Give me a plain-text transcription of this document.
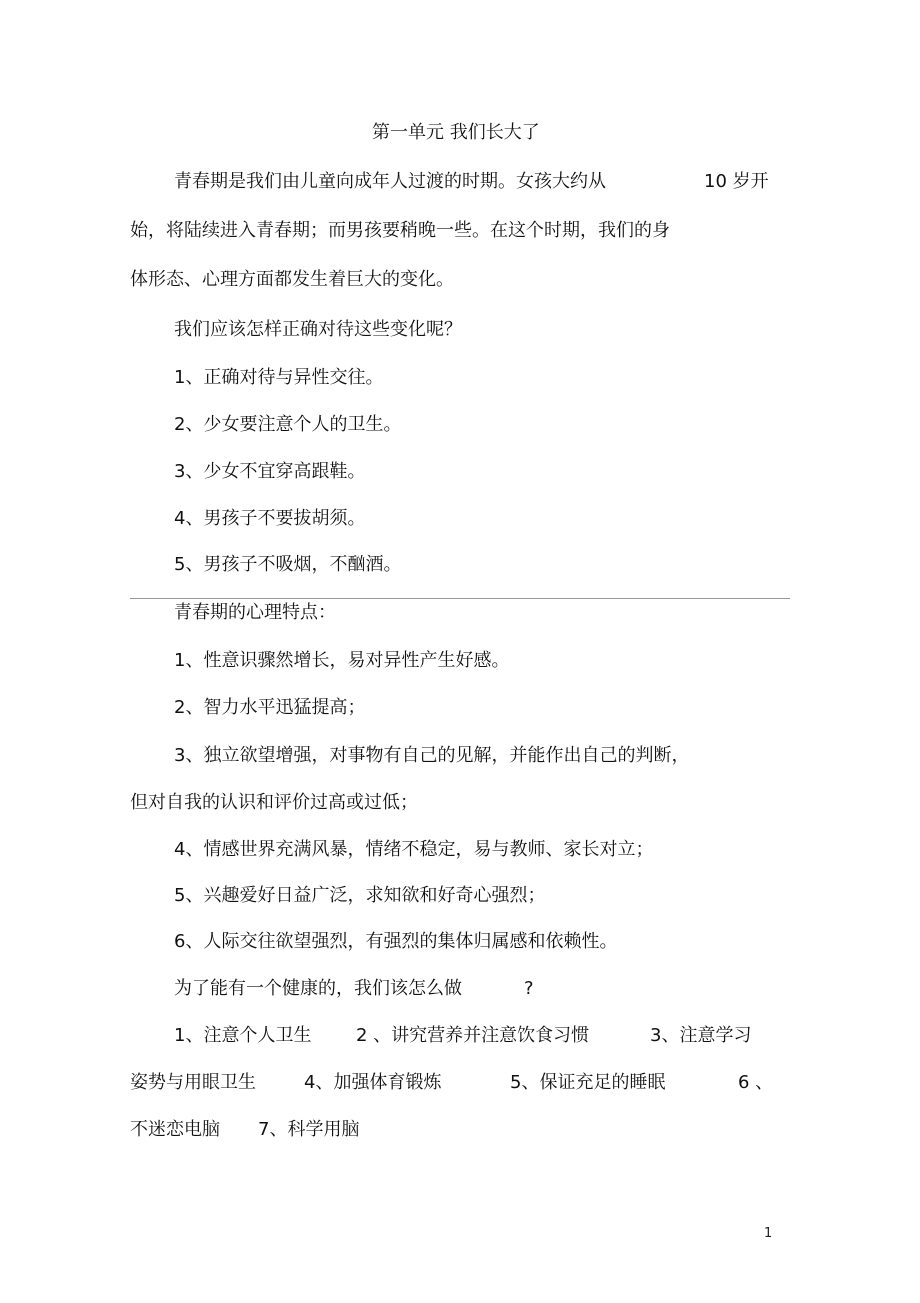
第一单元 我们长大了
青春期是我们由儿童向成年人过渡的时期。女孩大约从	10 岁开
始，将陆续进入青春期；而男孩要稍晚一些。在这个时期，我们的身
体形态、心理方面都发生着巨大的变化。
我们应该怎样正确对待这些变化呢？
1、正确对待与异性交往。
2、少女要注意个人的卫生。
3、少女不宜穿高跟鞋。
4、男孩子不要拔胡须。
5、男孩子不吸烟，不酗酒。
青春期的心理特点：
1、性意识骤然增长，易对异性产生好感。
2、智力水平迅猛提高；
3、独立欲望增强，对事物有自己的见解，并能作出自己的判断，
但对自我的认识和评价过高或过低；
4、情感世界充满风暴，情绪不稳定，易与教师、家长对立；
5、兴趣爱好日益广泛，求知欲和好奇心强烈；
6、人际交往欲望强烈，有强烈的集体归属感和依赖性。
为了能有一个健康的，我们该怎么做	?
1、注意个人卫生 2 、讲究营养并注意饮食习惯	3、注意学习
姿势与用眼卫生	4、加强体育锻炼	5、保证充足的睡眠	6 、
不迷恋电脑 7、科学用脑
1
